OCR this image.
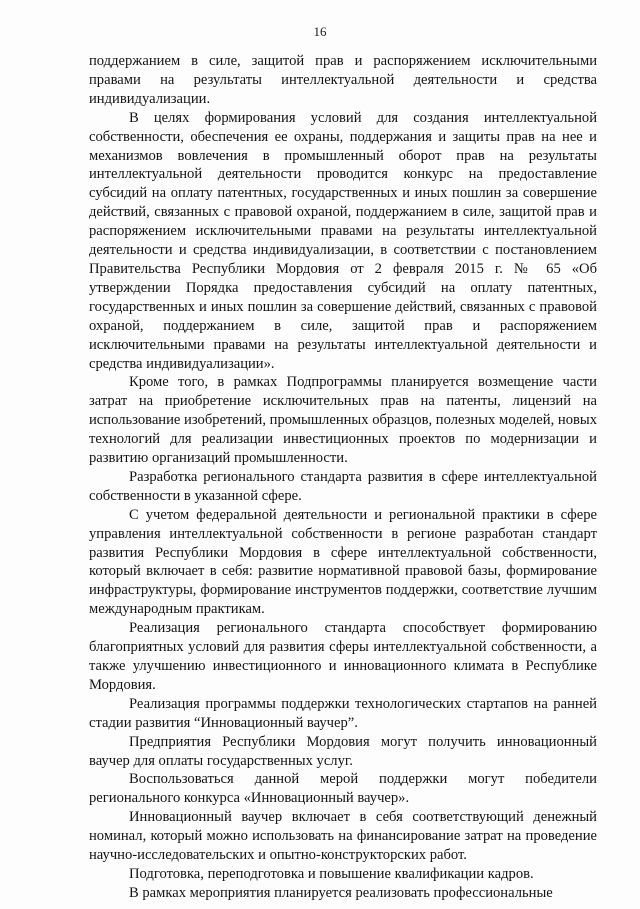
16

поддержанием в силе, защитой прав и распоряжением исключительными правами на результаты интеллектуальной деятельности и средства индивидуализации.

В целях формирования условий для создания интеллектуальной собственности, обеспечения ее охраны, поддержания и защиты прав на нее и механизмов вовлечения в промышленный оборот прав на результаты интеллектуальной деятельности проводится конкурс на предоставление субсидий на оплату патентных, государственных и иных пошлин за совершение действий, связанных с правовой охраной, поддержанием в силе, защитой прав и распоряжением исключительными правами на результаты интеллектуальной деятельности и средства индивидуализации, в соответствии с постановлением Правительства Республики Мордовия от 2 февраля 2015 г. № 65 «Об утверждении Порядка предоставления субсидий на оплату патентных, государственных и иных пошлин за совершение действий, связанных с правовой охраной, поддержанием в силе, защитой прав и распоряжением исключительными правами на результаты интеллектуальной деятельности и средства индивидуализации».

Кроме того, в рамках Подпрограммы планируется возмещение части затрат на приобретение исключительных прав на патенты, лицензий на использование изобретений, промышленных образцов, полезных моделей, новых технологий для реализации инвестиционных проектов по модернизации и развитию организаций промышленности.

Разработка регионального стандарта развития в сфере интеллектуальной собственности в указанной сфере.

С учетом федеральной деятельности и региональной практики в сфере управления интеллектуальной собственности в регионе разработан стандарт развития Республики Мордовия в сфере интеллектуальной собственности, который включает в себя: развитие нормативной правовой базы, формирование инфраструктуры, формирование инструментов поддержки, соответствие лучшим международным практикам.

Реализация регионального стандарта способствует формированию благоприятных условий для развития сферы интеллектуальной собственности, а также улучшению инвестиционного и инновационного климата в Республике Мордовия.

Реализация программы поддержки технологических стартапов на ранней стадии развития “Инновационный ваучер”.

Предприятия Республики Мордовия могут получить инновационный ваучер для оплаты государственных услуг.

Воспользоваться данной мерой поддержки могут победители регионального конкурса «Инновационный ваучер».

Инновационный ваучер включает в себя соответствующий денежный номинал, который можно использовать на финансирование затрат на проведение научно-исследовательских и опытно-конструкторских работ.

Подготовка, переподготовка и повышение квалификации кадров.

В рамках мероприятия планируется реализовать профессиональные
